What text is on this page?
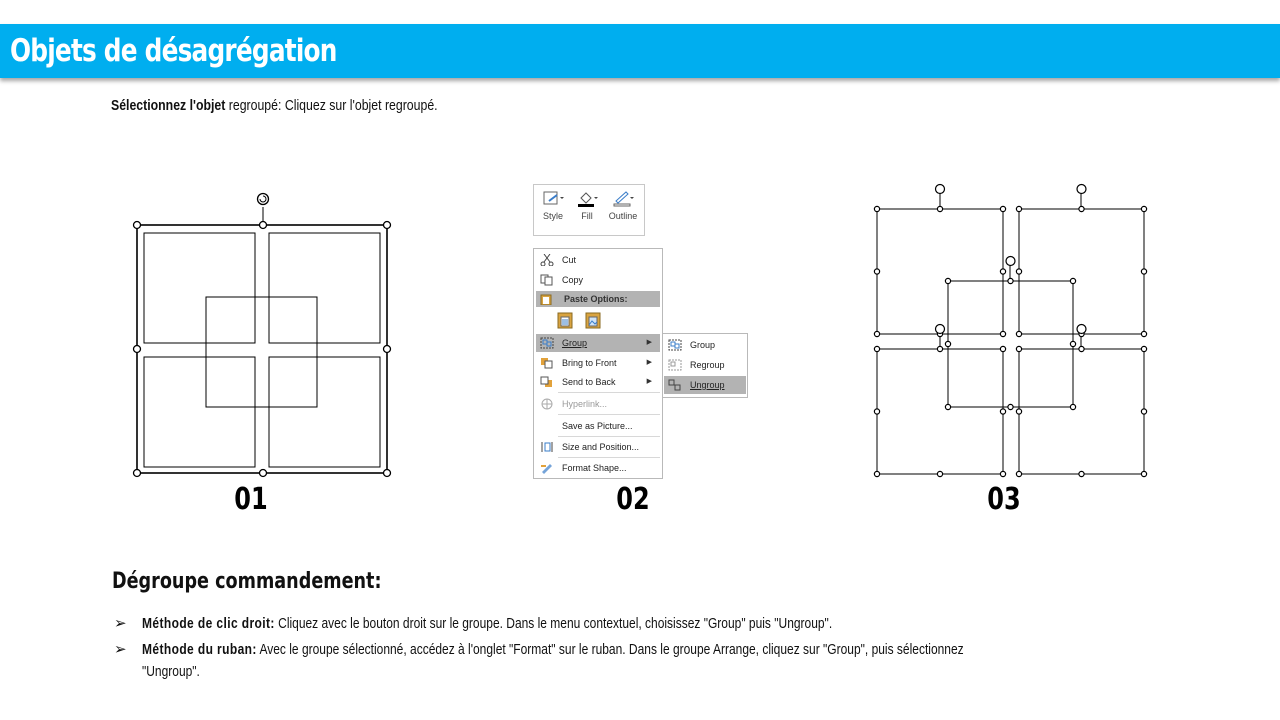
Objets de désagrégation
Sélectionnez l'objet regroupé: Cliquez sur l'objet regroupé.
01
Style	Fill	Outline
Cut
Copy
Paste Options:
Group	▶
Bring to Front	▶
Send to Back	▶
Hyperlink...
Save as Picture...
Size and Position...
Format Shape...
Group
Regroup
Ungroup
02	03
Dégroupe commandement:
➢ Méthode de clic droit: Cliquez avec le bouton droit sur le groupe. Dans le menu contextuel, choisissez "Group" puis "Ungroup".
➢ Méthode du ruban: Avec le groupe sélectionné, accédez à l'onglet "Format" sur le ruban. Dans le groupe Arrange, cliquez sur "Group", puis sélectionnez
"Ungroup".
